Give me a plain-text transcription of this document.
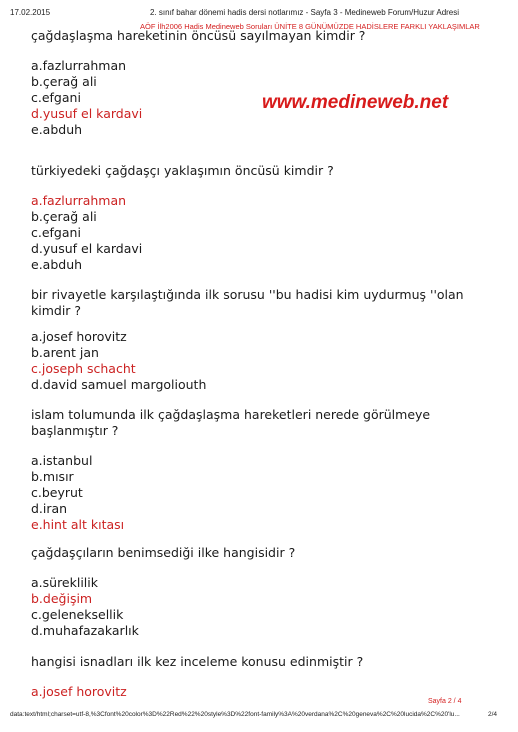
17.02.2015	2. sınıf bahar dönemi hadis dersi notlarımız - Sayfa 3 - Medineweb Forum/Huzur Adresi
AÖF İlh2006 Hadis Medineweb Soruları ÜNİTE 8 GÜNÜMÜZDE HADİSLERE FARKLI YAKLAŞIMLAR
www.medineweb.net
çağdaşlaşma hareketinin öncüsü sayılmayan kimdir ?
a.fazlurrahman
b.çerağ ali
c.efgani
d.yusuf el kardavi
e.abduh
türkiyedeki çağdaşçı yaklaşımın öncüsü kimdir ?
a.fazlurrahman
b.çerağ ali
c.efgani
d.yusuf el kardavi
e.abduh
bir rivayetle karşılaştığında ilk sorusu ''bu hadisi kim uydurmuş ''olan
kimdir ?
a.josef horovitz
b.arent jan
c.joseph schacht
d.david samuel margoliouth
islam tolumunda ilk çağdaşlaşma hareketleri nerede görülmeye
başlanmıştır ?
a.istanbul
b.mısır
c.beyrut
d.iran
e.hint alt kıtası
çağdaşçıların benimsediği ilke hangisidir ?
a.süreklilik
b.değişim
c.geleneksellik
d.muhafazakarlık
hangisi isnadları ilk kez inceleme konusu edinmiştir ?
a.josef horovitz
Sayfa 2 / 4
data:text/html;charset=utf-8,%3Cfont%20color%3D%22Red%22%20style%3D%22font-family%3A%20verdana%2C%20geneva%2C%20lucida%2C%20'lu...	2/4
